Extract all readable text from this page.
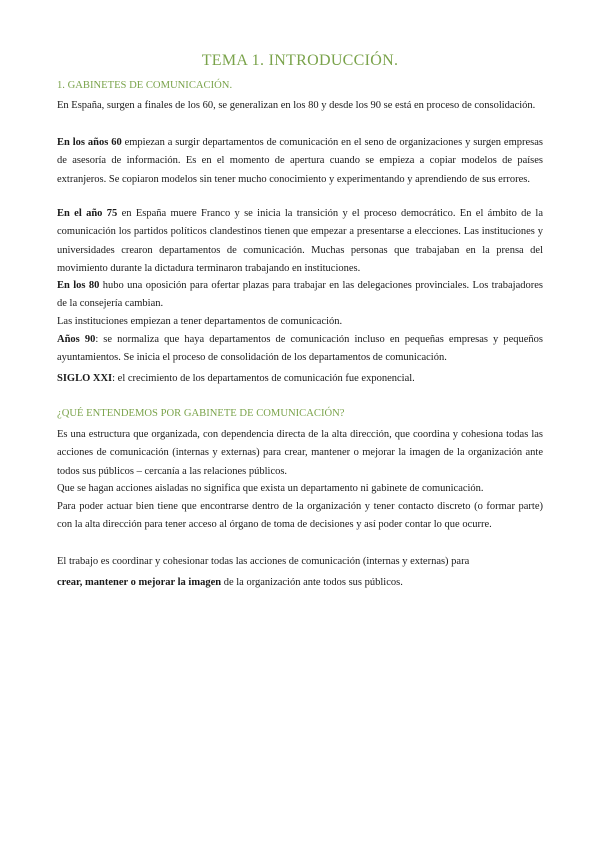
TEMA 1. INTRODUCCIÓN.
1. GABINETES DE COMUNICACIÓN.

En España, surgen a finales de los 60, se generalizan en los 80 y desde los 90 se está en proceso de consolidación.

En los años 60 empiezan a surgir departamentos de comunicación en el seno de organizaciones y surgen empresas de asesoría de información. Es en el momento de apertura cuando se empieza a copiar modelos de países extranjeros. Se copiaron modelos sin tener mucho conocimiento y experimentando y aprendiendo de sus errores.

En el año 75 en España muere Franco y se inicia la transición y el proceso democrático. En el ámbito de la comunicación los partidos políticos clandestinos tienen que empezar a presentarse a elecciones. Las instituciones y universidades crearon departamentos de comunicación. Muchas personas que trabajaban en la prensa del movimiento durante la dictadura terminaron trabajando en instituciones.

En los 80 hubo una oposición para ofertar plazas para trabajar en las delegaciones provinciales. Los trabajadores de la consejería cambian.

Las instituciones empiezan a tener departamentos de comunicación.

Años 90: se normaliza que haya departamentos de comunicación incluso en pequeñas empresas y pequeños ayuntamientos. Se inicia el proceso de consolidación de los departamentos de comunicación.

SIGLO XXI: el crecimiento de los departamentos de comunicación fue exponencial.

¿QUÉ ENTENDEMOS POR GABINETE DE COMUNICACIÓN?

Es una estructura que organizada, con dependencia directa de la alta dirección, que coordina y cohesiona todas las acciones de comunicación (internas y externas) para crear, mantener o mejorar la imagen de la organización ante todos sus públicos – cercanía a las relaciones públicos.

Que se hagan acciones aisladas no significa que exista un departamento ni gabinete de comunicación.

Para poder actuar bien tiene que encontrarse dentro de la organización y tener contacto discreto (o formar parte) con la alta dirección para tener acceso al órgano de toma de decisiones y así poder contar lo que ocurre.

El trabajo es coordinar y cohesionar todas las acciones de comunicación (internas y externas) para

crear, mantener o mejorar la imagen de la organización ante todos sus públicos.
